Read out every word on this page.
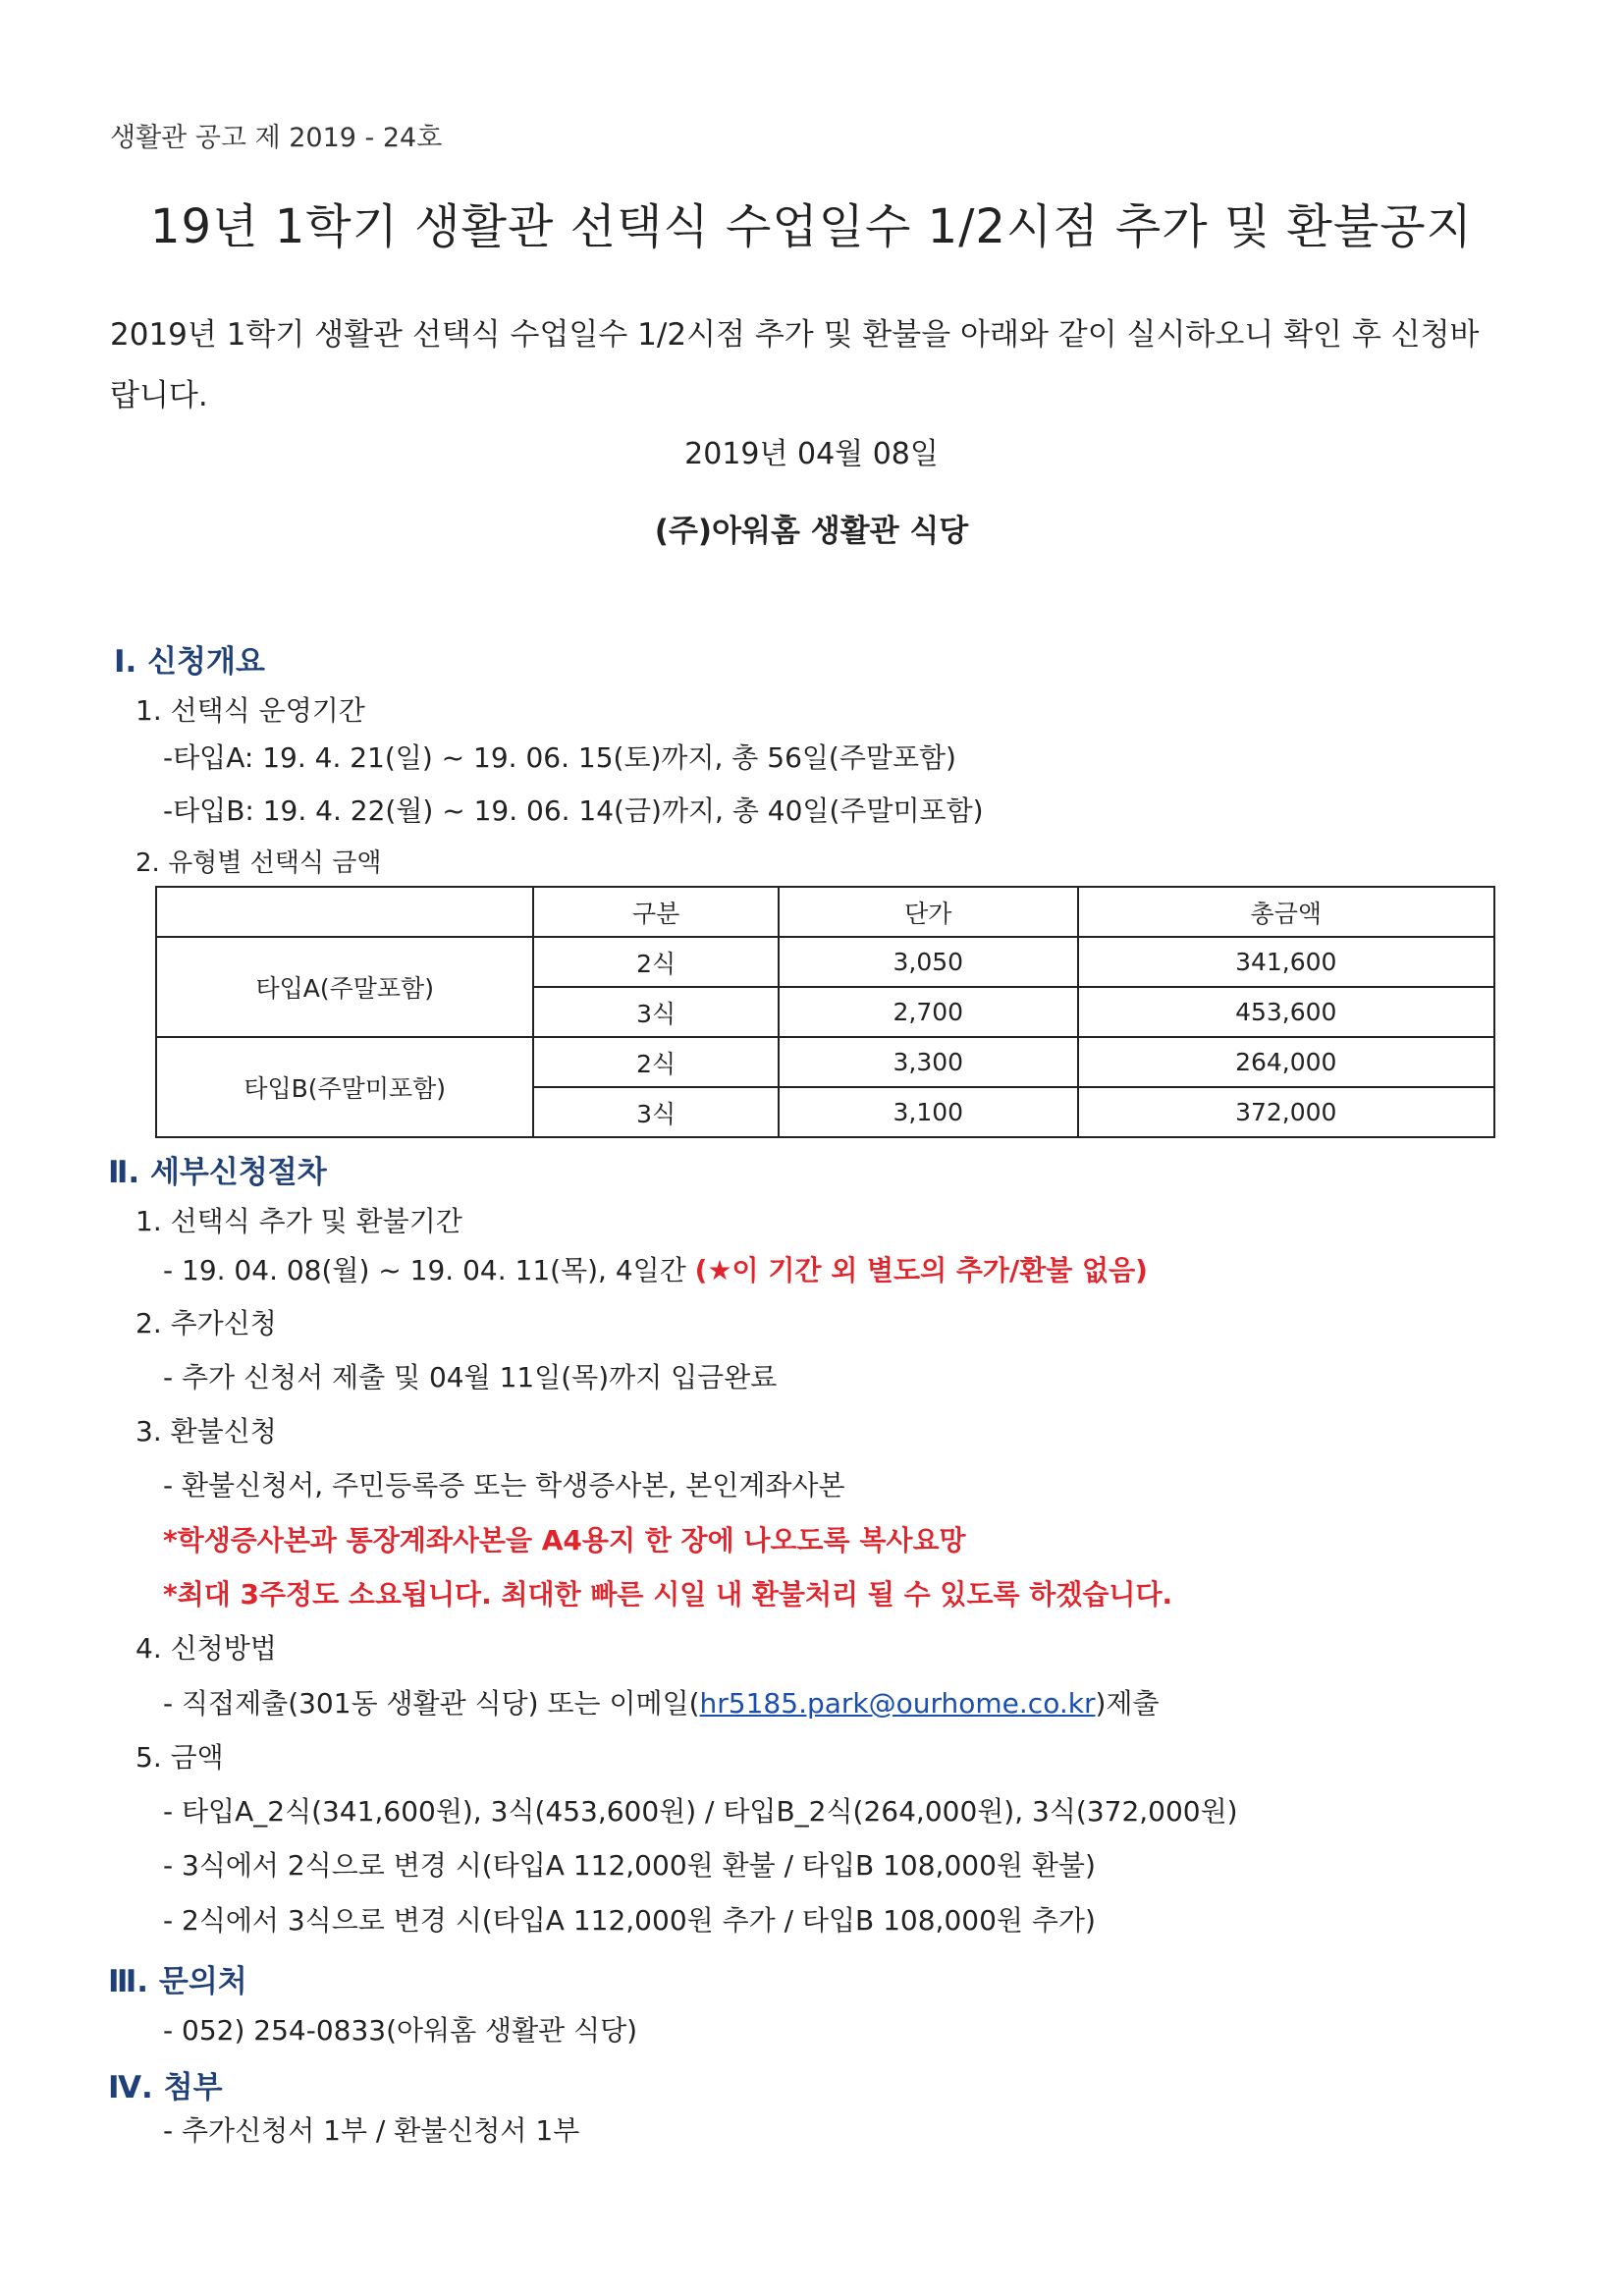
생활관 공고 제 2019 - 24호
19년 1학기 생활관 선택식 수업일수 1/2시점 추가 및 환불공지
2019년 1학기 생활관 선택식 수업일수 1/2시점 추가 및 환불을 아래와 같이 실시하오니 확인 후 신청바랍니다.
2019년 04월 08일
(주)아워홈 생활관 식당
Ⅰ. 신청개요
1. 선택식 운영기간
-타입A: 19. 4. 21(일) ~ 19. 06. 15(토)까지, 총 56일(주말포함)
-타입B: 19. 4. 22(월) ~ 19. 06. 14(금)까지, 총 40일(주말미포함)
2. 유형별 선택식 금액
	구분	단가	총금액
타입A(주말포함)	2식	3,050	341,600
	3식	2,700	453,600
타입B(주말미포함)	2식	3,300	264,000
	3식	3,100	372,000
Ⅱ. 세부신청절차
1. 선택식 추가 및 환불기간
- 19. 04. 08(월) ~ 19. 04. 11(목), 4일간 (★이 기간 외 별도의 추가/환불 없음)
2. 추가신청
- 추가 신청서 제출 및 04월 11일(목)까지 입금완료
3. 환불신청
- 환불신청서, 주민등록증 또는 학생증사본, 본인계좌사본
*학생증사본과 통장계좌사본을 A4용지 한 장에 나오도록 복사요망
*최대 3주정도 소요됩니다. 최대한 빠른 시일 내 환불처리 될 수 있도록 하겠습니다.
4. 신청방법
- 직접제출(301동 생활관 식당) 또는 이메일(hr5185.park@ourhome.co.kr)제출
5. 금액
- 타입A_2식(341,600원), 3식(453,600원) / 타입B_2식(264,000원), 3식(372,000원)
- 3식에서 2식으로 변경 시(타입A 112,000원 환불 / 타입B 108,000원 환불)
- 2식에서 3식으로 변경 시(타입A 112,000원 추가 / 타입B 108,000원 추가)
Ⅲ. 문의처
- 052) 254-0833(아워홈 생활관 식당)
Ⅳ. 첨부
- 추가신청서 1부 / 환불신청서 1부
